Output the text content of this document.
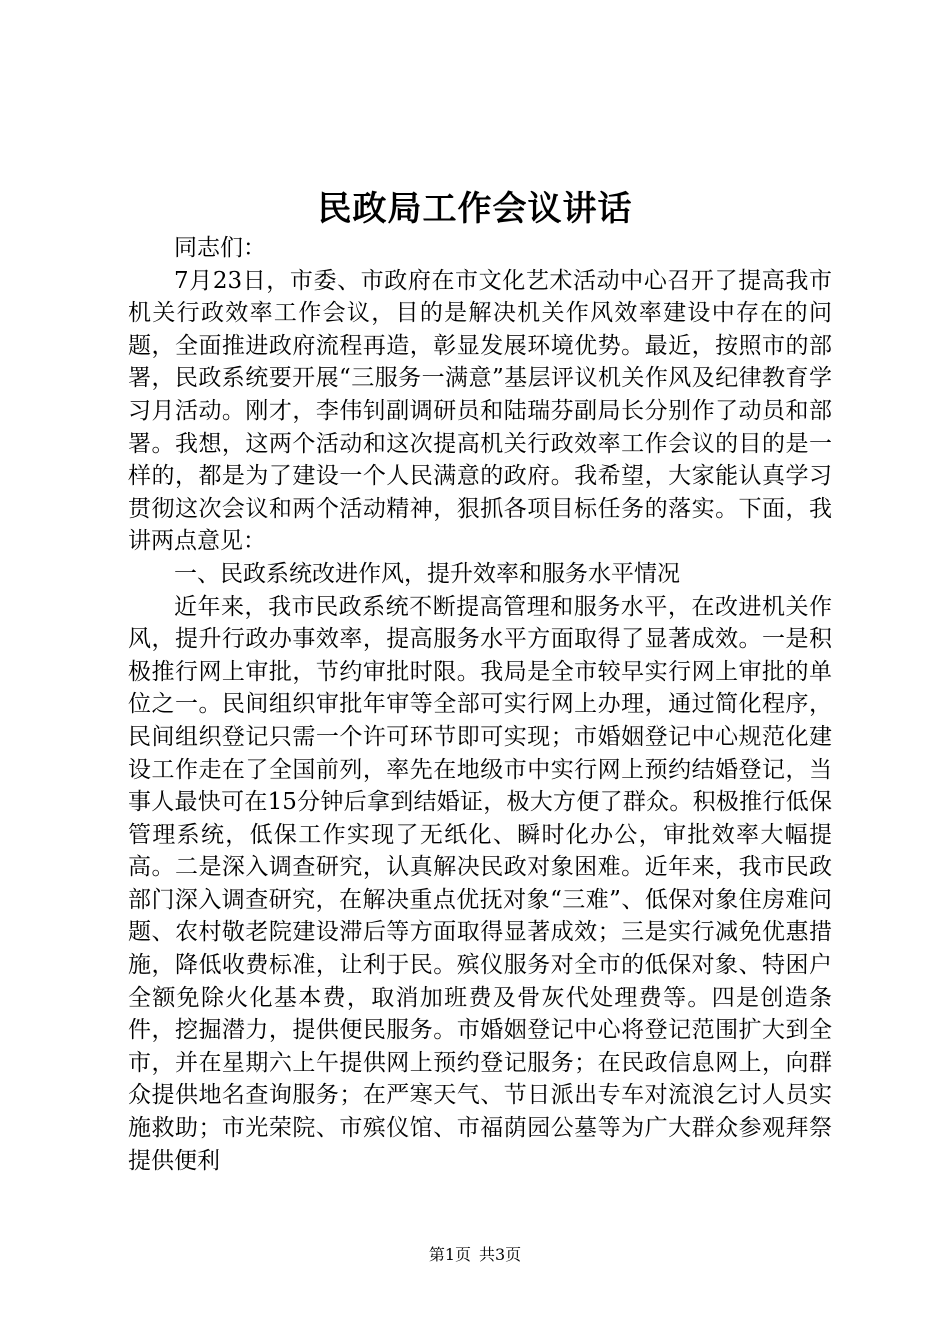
民政局工作会议讲话

同志们：

7月23日，市委、市政府在市文化艺术活动中心召开了提高我市机关行政效率工作会议，目的是解决机关作风效率建设中存在的问题，全面推进政府流程再造，彰显发展环境优势。最近，按照市的部署，民政系统要开展“三服务一满意”基层评议机关作风及纪律教育学习月活动。刚才，李伟钊副调研员和陆瑞芬副局长分别作了动员和部署。我想，这两个活动和这次提高机关行政效率工作会议的目的是一样的，都是为了建设一个人民满意的政府。我希望，大家能认真学习贯彻这次会议和两个活动精神，狠抓各项目标任务的落实。下面，我讲两点意见：

一、民政系统改进作风，提升效率和服务水平情况

近年来，我市民政系统不断提高管理和服务水平，在改进机关作风，提升行政办事效率，提高服务水平方面取得了显著成效。一是积极推行网上审批，节约审批时限。我局是全市较早实行网上审批的单位之一。民间组织审批年审等全部可实行网上办理，通过简化程序，民间组织登记只需一个许可环节即可实现；市婚姻登记中心规范化建设工作走在了全国前列，率先在地级市中实行网上预约结婚登记，当事人最快可在15分钟后拿到结婚证，极大方便了群众。积极推行低保管理系统，低保工作实现了无纸化、瞬时化办公，审批效率大幅提高。二是深入调查研究，认真解决民政对象困难。近年来，我市民政部门深入调查研究，在解决重点优抚对象“三难”、低保对象住房难问题、农村敬老院建设滞后等方面取得显著成效；三是实行减免优惠措施，降低收费标准，让利于民。殡仪服务对全市的低保对象、特困户全额免除火化基本费，取消加班费及骨灰代处理费等。四是创造条件，挖掘潜力，提供便民服务。市婚姻登记中心将登记范围扩大到全市，并在星期六上午提供网上预约登记服务；在民政信息网上，向群众提供地名查询服务；在严寒天气、节日派出专车对流浪乞讨人员实施救助；市光荣院、市殡仪馆、市福荫园公墓等为广大群众参观拜祭提供便利

第1页 共3页
